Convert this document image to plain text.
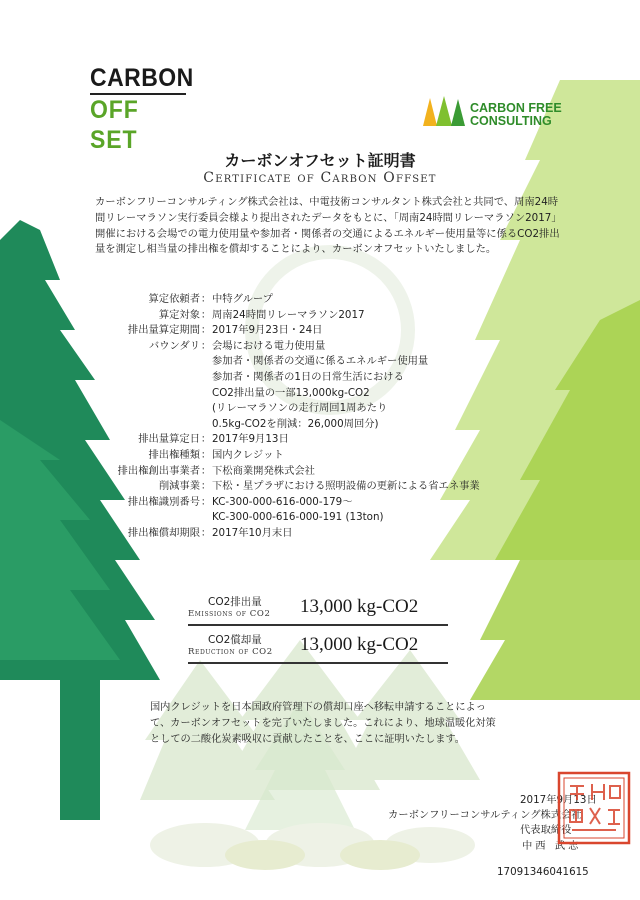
CARBON
OFF SET
CARBON FREE
CONSULTING
カーボンオフセット証明書
Certificate of Carbon Offset
カーボンフリーコンサルティング株式会社は、中電技術コンサルタント株式会社と共同で、周南24時間リレーマラソン実行委員会様より提出されたデータをもとに、「周南24時間リレーマラソン2017」開催における会場での電力使用量や参加者・関係者の交通によるエネルギー使用量等に係るCO2排出量を測定し相当量の排出権を償却することにより、カーボンオフセットいたしました。
算定依頼者 ： 中特グループ
算定対象 ： 周南24時間リレーマラソン2017
排出量算定期間 ： 2017年9月23日・24日
バウンダリ ： 会場における電力使用量
参加者・関係者の交通に係るエネルギー使用量
参加者・関係者の1日の日常生活における
CO2排出量の一部13,000kg-CO2
(リレーマラソンの走行周回1周あたり
0.5kg-CO2を削減：26,000周回分)
排出量算定日 ： 2017年9月13日
排出権種類 ： 国内クレジット
排出権創出事業者 ： 下松商業開発株式会社
削減事業 ： 下松・星プラザにおける照明設備の更新による省エネ事業
排出権識別番号 ： KC-300-000-616-000-179～
KC-300-000-616-000-191 (13ton)
排出権償却期限 ： 2017年10月末日
CO2排出量
Emissions of CO2 13,000 kg-CO2
CO2償却量
Reduction of CO2 13,000 kg-CO2
国内クレジットを日本国政府管理下の償却口座へ移転申請することによって、カーボンオフセットを完了いたしました。これにより、地球温暖化対策としての二酸化炭素吸収に貢献したことを、ここに証明いたします。
2017年9月13日
カーボンフリーコンサルティング株式会社
代表取締役
中西 武志
17091346041615
